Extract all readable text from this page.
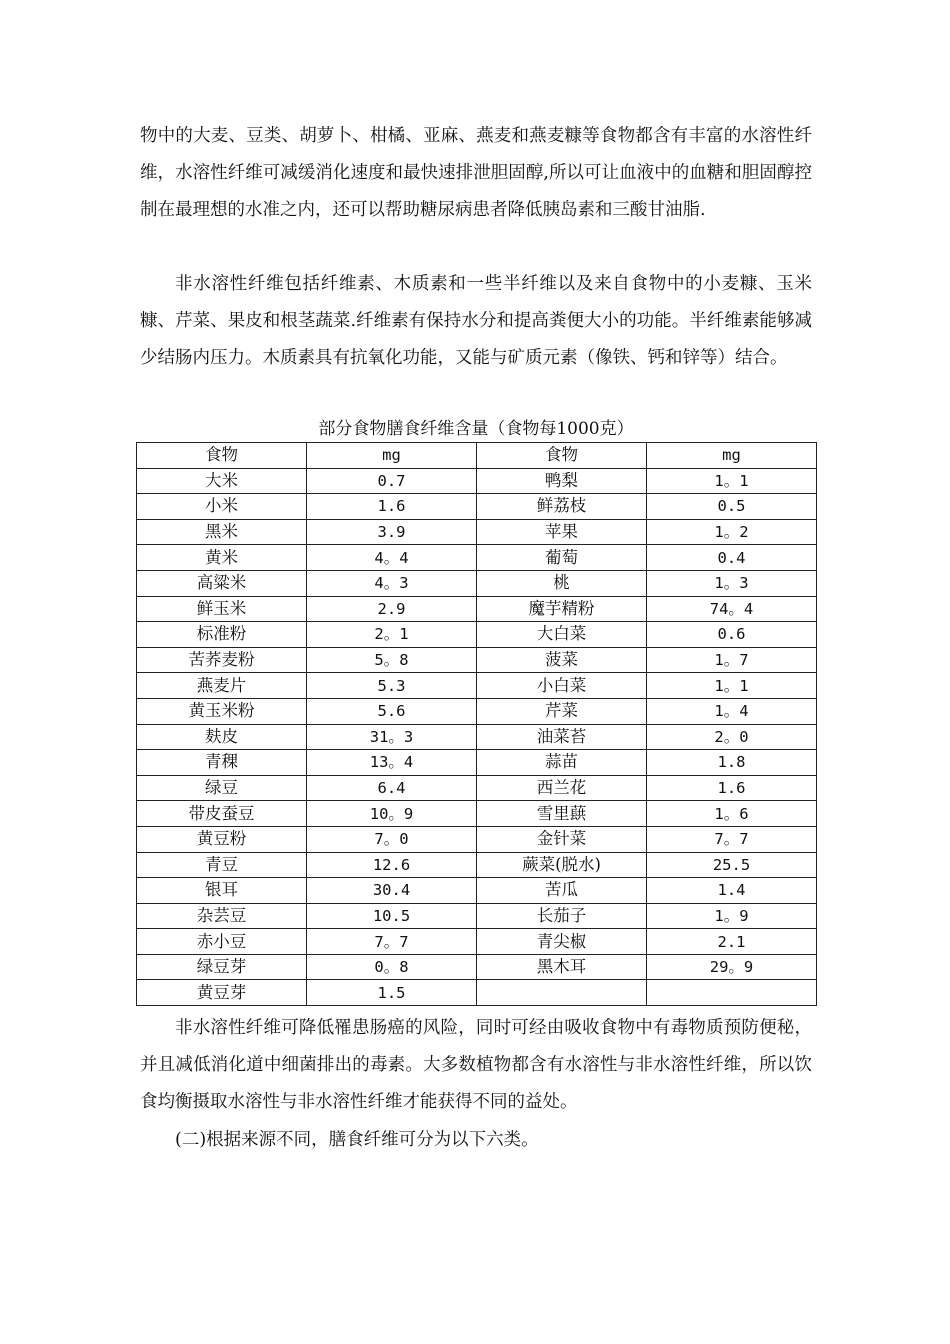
物中的大麦、豆类、胡萝卜、柑橘、亚麻、燕麦和燕麦糠等食物都含有丰富的水溶性纤维，水溶性纤维可减缓消化速度和最快速排泄胆固醇,所以可让血液中的血糖和胆固醇控制在最理想的水准之内，还可以帮助糖尿病患者降低胰岛素和三酸甘油脂.

非水溶性纤维包括纤维素、木质素和一些半纤维以及来自食物中的小麦糠、玉米糠、芹菜、果皮和根茎蔬菜.纤维素有保持水分和提高粪便大小的功能。半纤维素能够减少结肠内压力。木质素具有抗氧化功能，又能与矿质元素（像铁、钙和锌等）结合。

部分食物膳食纤维含量（食物每1000克）

食物	mg	食物	mg
大米	0.7	鸭梨	1。1
小米	1.6	鲜荔枝	0.5
黑米	3.9	苹果	1。2
黄米	4。4	葡萄	0.4
高粱米	4。3	桃	1。3
鲜玉米	2.9	魔芋精粉	74。4
标准粉	2。1	大白菜	0.6
苦荞麦粉	5。8	菠菜	1。7
燕麦片	5.3	小白菜	1。1
黄玉米粉	5.6	芹菜	1。4
麸皮	31。3	油菜苔	2。0
青稞	13。4	蒜苗	1.8
绿豆	6.4	西兰花	1.6
带皮蚕豆	10。9	雪里蕻	1。6
黄豆粉	7。0	金针菜	7。7
青豆	12.6	蕨菜(脱水)	25.5
银耳	30.4	苦瓜	1.4
杂芸豆	10.5	长茄子	1。9
赤小豆	7。7	青尖椒	2.1
绿豆芽	0。8	黑木耳	29。9
黄豆芽	1.5		

非水溶性纤维可降低罹患肠癌的风险，同时可经由吸收食物中有毒物质预防便秘，并且减低消化道中细菌排出的毒素。大多数植物都含有水溶性与非水溶性纤维，所以饮食均衡摄取水溶性与非水溶性纤维才能获得不同的益处。

(二)根据来源不同，膳食纤维可分为以下六类。
